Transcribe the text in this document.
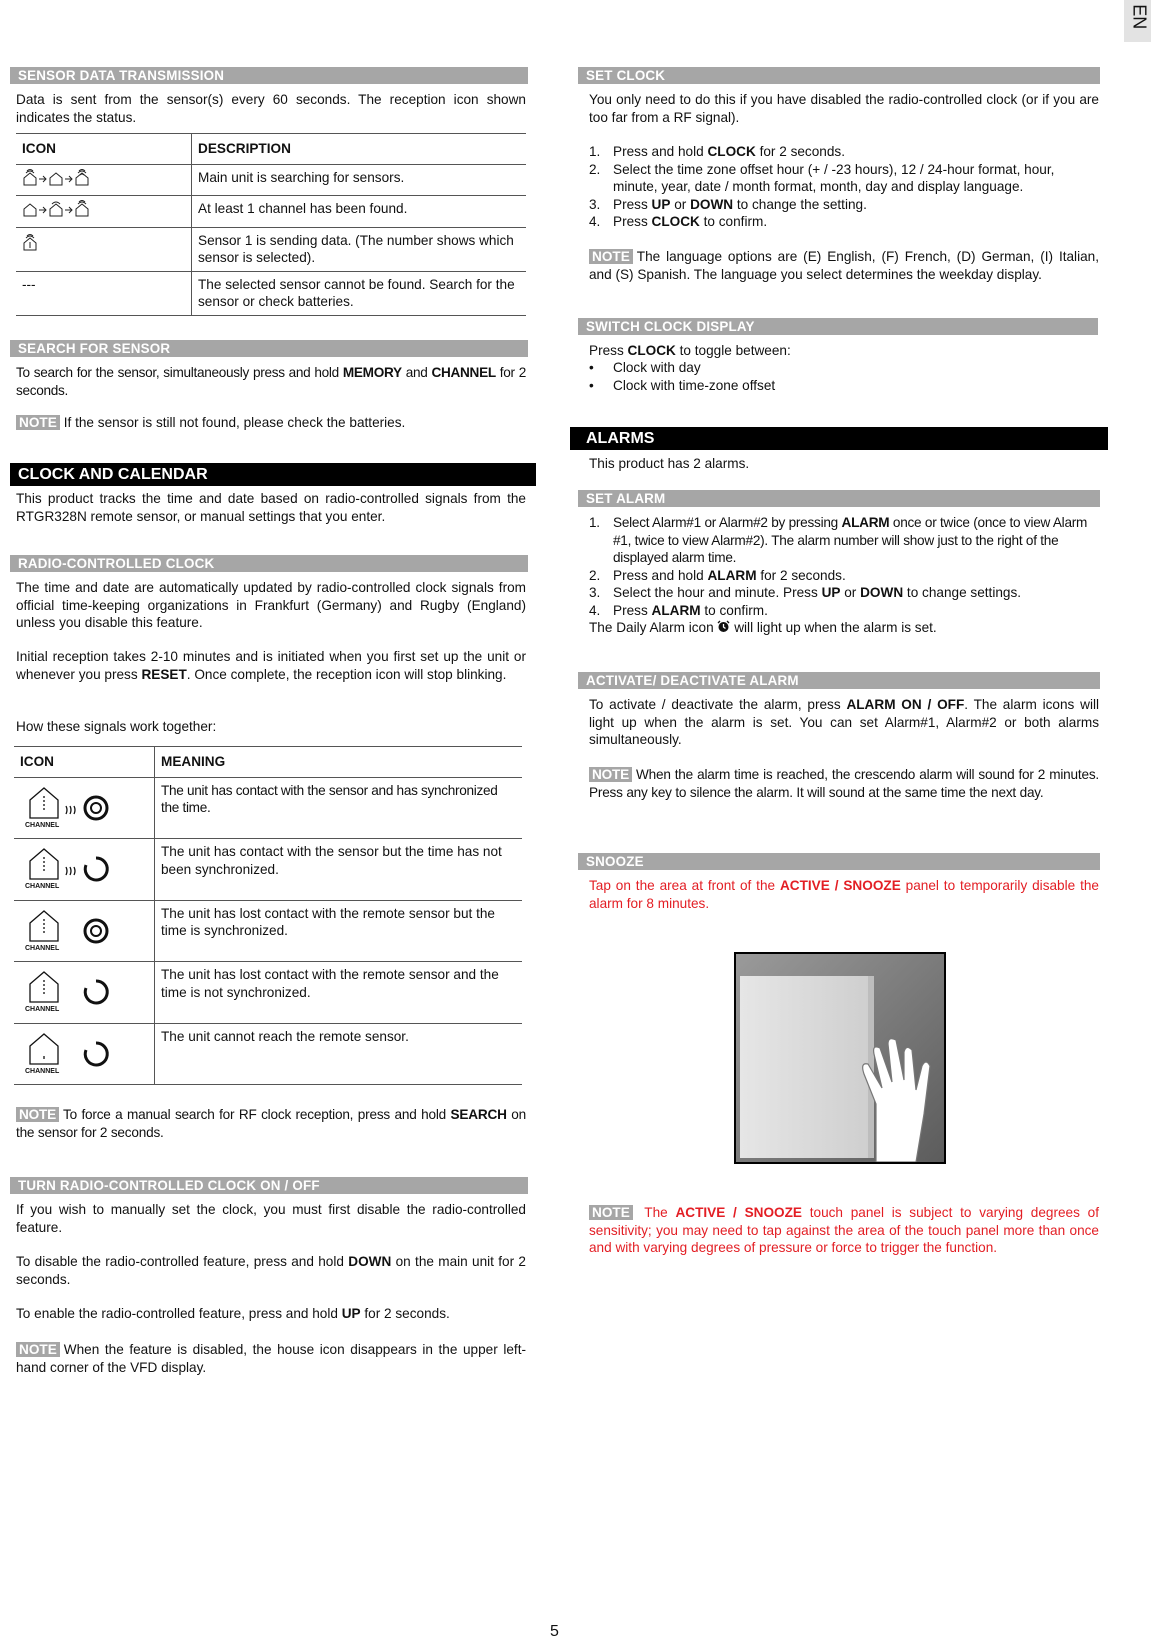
EN
SENSOR DATA TRANSMISSION
Data is sent from the sensor(s) every 60 seconds. The reception icon shown indicates the status.
ICON	DESCRIPTION
	Main unit is searching for sensors.
	At least 1 channel has been found.
	Sensor 1 is sending data. (The number shows which sensor is selected).
---	The selected sensor cannot be found. Search for the sensor or check batteries.
SEARCH FOR SENSOR
To search for the sensor, simultaneously press and hold MEMORY and CHANNEL for 2 seconds.
NOTE If the sensor is still not found, please check the batteries.
CLOCK AND CALENDAR
This product tracks the time and date based on radio-controlled signals from the RTGR328N remote sensor, or manual settings that you enter.
RADIO-CONTROLLED CLOCK
The time and date are automatically updated by radio-controlled clock signals from official time-keeping organizations in Frankfurt (Germany) and Rugby (England) unless you disable this feature.
Initial reception takes 2-10 minutes and is initiated when you first set up the unit or whenever you press RESET. Once complete, the reception icon will stop blinking.
How these signals work together:
ICON	MEANING

CHANNEL	The unit has contact with the sensor and has synchronized the time.

CHANNEL	The unit has contact with the sensor but the time has not been synchronized.

CHANNEL	The unit has lost contact with the remote sensor but the time is synchronized.

CHANNEL	The unit has lost contact with the remote sensor and the time is not synchronized.

CHANNEL	The unit cannot reach the remote sensor.
NOTE To force a manual search for RF clock reception, press and hold SEARCH on the sensor for 2 seconds.
TURN RADIO-CONTROLLED CLOCK ON / OFF
If you wish to manually set the clock, you must first disable the radio-controlled feature.
To disable the radio-controlled feature, press and hold DOWN on the main unit for 2 seconds.
To enable the radio-controlled feature, press and hold UP for 2 seconds.
NOTE When the feature is disabled, the house icon disappears in the upper left-hand corner of the VFD display.
SET CLOCK
You only need to do this if you have disabled the radio-controlled clock (or if you are too far from a RF signal).
1. Press and hold CLOCK for 2 seconds.
2. Select the time zone offset hour (+ / -23 hours), 12 / 24-hour format, hour, minute, year, date / month format, month, day and display language.
3. Press UP or DOWN to change the setting.
4. Press CLOCK to confirm.
NOTE The language options are (E) English, (F) French, (D) German, (I) Italian, and (S) Spanish. The language you select determines the weekday display.
SWITCH CLOCK DISPLAY
Press CLOCK to toggle between:
• Clock with day
• Clock with time-zone offset
ALARMS
This product has 2 alarms.
SET ALARM
1. Select Alarm#1 or Alarm#2 by pressing ALARM once or twice (once to view Alarm #1, twice to view Alarm#2). The alarm number will show just to the right of the displayed alarm time.
2. Press and hold ALARM for 2 seconds.
3. Select the hour and minute. Press UP or DOWN to change settings.
4. Press ALARM to confirm.
The Daily Alarm icon  will light up when the alarm is set.
ACTIVATE/ DEACTIVATE ALARM
To activate / deactivate the alarm, press ALARM ON / OFF. The alarm icons will light up when the alarm is set. You can set Alarm#1, Alarm#2 or both alarms simultaneously.
NOTE When the alarm time is reached, the crescendo alarm will sound for 2 minutes. Press any key to silence the alarm. It will sound at the same time the next day.
SNOOZE
Tap on the area at front of the ACTIVE / SNOOZE panel to temporarily disable the alarm for 8 minutes.
NOTE The ACTIVE / SNOOZE touch panel is subject to varying degrees of sensitivity; you may need to tap against the area of the touch panel more than once and with varying degrees of pressure or force to trigger the function.
5
